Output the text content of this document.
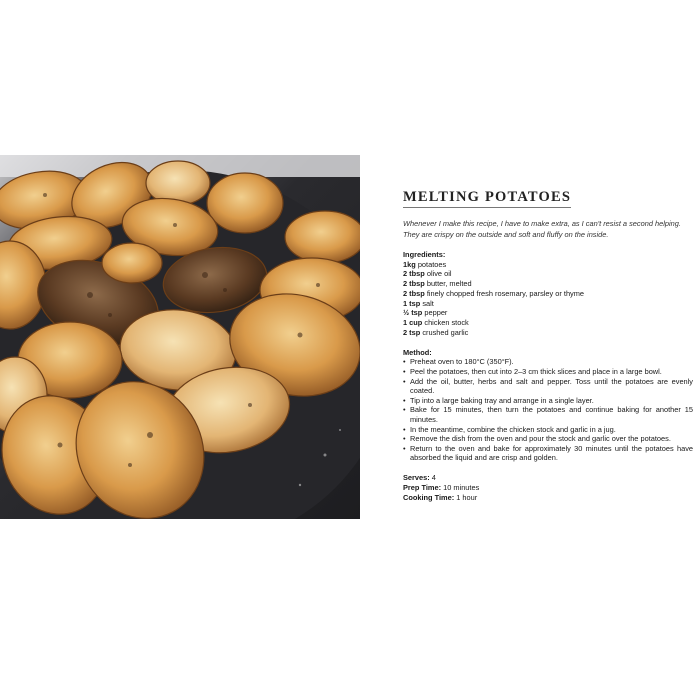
MELTING POTATOES
Whenever I make this recipe, I have to make extra, as I can't resist a second helping. They are crispy on the outside and soft and fluffy on the inside.
Ingredients:
1kg potatoes
2 tbsp olive oil
2 tbsp butter, melted
2 tbsp finely chopped fresh rosemary, parsley or thyme
1 tsp salt
½ tsp pepper
1 cup chicken stock
2 tsp crushed garlic
Method:
• Preheat oven to 180°C (350°F).
• Peel the potatoes, then cut into 2–3 cm thick slices and place in a large bowl.
• Add the oil, butter, herbs and salt and pepper. Toss until the potatoes are evenly coated.
• Tip into a large baking tray and arrange in a single layer.
• Bake for 15 minutes, then turn the potatoes and continue baking for another 15 minutes.
• In the meantime, combine the chicken stock and garlic in a jug.
• Remove the dish from the oven and pour the stock and garlic over the potatoes.
• Return to the oven and bake for approximately 30 minutes until the potatoes have absorbed the liquid and are crisp and golden.
Serves: 4
Prep Time: 10 minutes
Cooking Time: 1 hour
